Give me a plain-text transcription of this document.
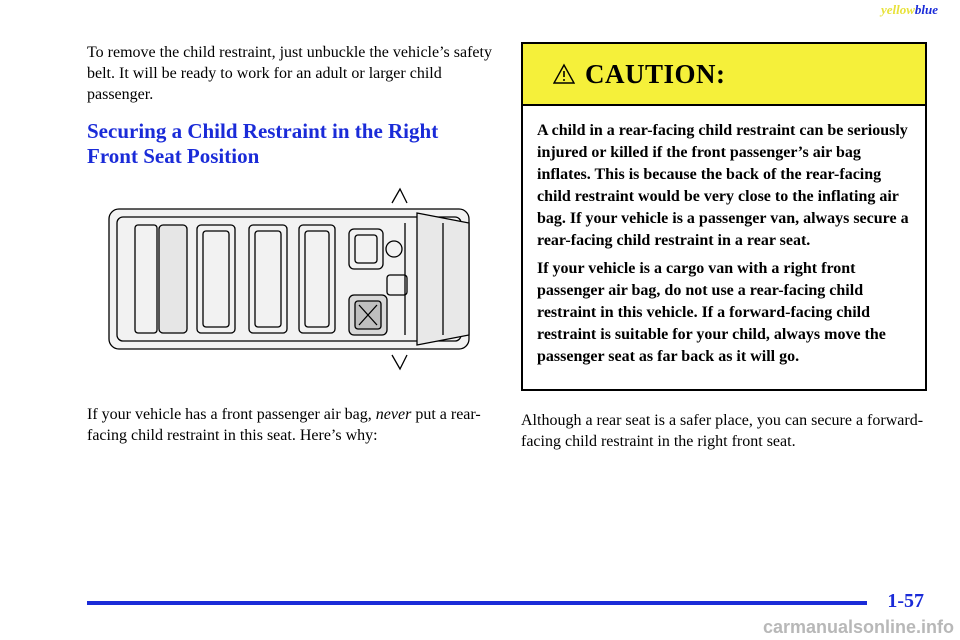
yellowblue

To remove the child restraint, just unbuckle the vehicle’s safety belt. It will be ready to work for an adult or larger child passenger.

Securing a Child Restraint in the Right Front Seat Position

If your vehicle has a front passenger air bag, never put a rear-facing child restraint in this seat. Here’s why:

CAUTION:

A child in a rear-facing child restraint can be seriously injured or killed if the front passenger’s air bag inflates. This is because the back of the rear-facing child restraint would be very close to the inflating air bag. If your vehicle is a passenger van, always secure a rear-facing child restraint in a rear seat.

If your vehicle is a cargo van with a right front passenger air bag, do not use a rear-facing child restraint in this vehicle. If a forward-facing child restraint is suitable for your child, always move the passenger seat as far back as it will go.

Although a rear seat is a safer place, you can secure a forward-facing child restraint in the right front seat.

1-57
carmanualsonline.info
